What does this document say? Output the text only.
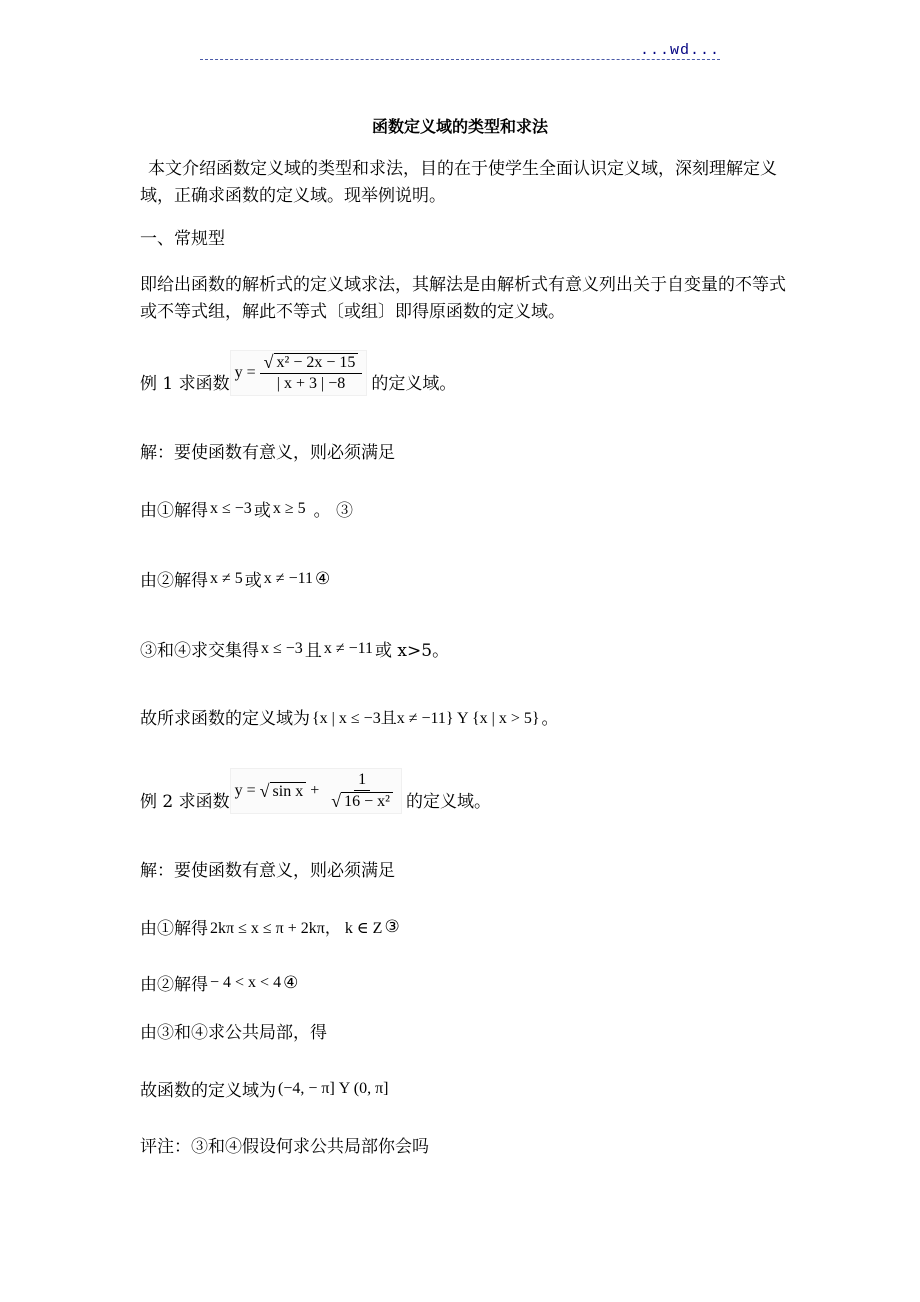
...wd...
函数定义域的类型和求法

本文介绍函数定义域的类型和求法，目的在于使学生全面认识定义域，深刻理解定义域，正确求函数的定义域。现举例说明。

一、常规型

即给出函数的解析式的定义域求法，其解法是由解析式有意义列出关于自变量的不等式或不等式组，解此不等式〔或组〕即得原函数的定义域。

例 1 求函数
$y = \frac{\text{√ x² − 2x − 15}}{| x + 3 | -8}$ 的定义域。
解：要使函数有意义，则必须满足
由①解得 x ≤ −3 或 x ≥ 5 。 ③
由②解得 x ≠ 5 或 x ≠ −11 ④
③和④求交集得 x ≤ −3 且 x ≠ −11 或 x>5。
故所求函数的定义域为 {x | x ≤ −3且x ≠ −11} Y {x | x > 5} 。
例 2 求函数
y = √ $\sin x + \frac{1}{\text{√ 16 − x²}}$ 的定义域。
解：要使函数有意义，则必须满足
由①解得 2kπ ≤ x ≤ π + 2kπ， k ∈ Z ③
由②解得 − 4 < x < 4 ④
由③和④求公共局部，得
故函数的定义域为 (−4, − π] Y (0, π]
评注：③和④假设何求公共局部你会吗
